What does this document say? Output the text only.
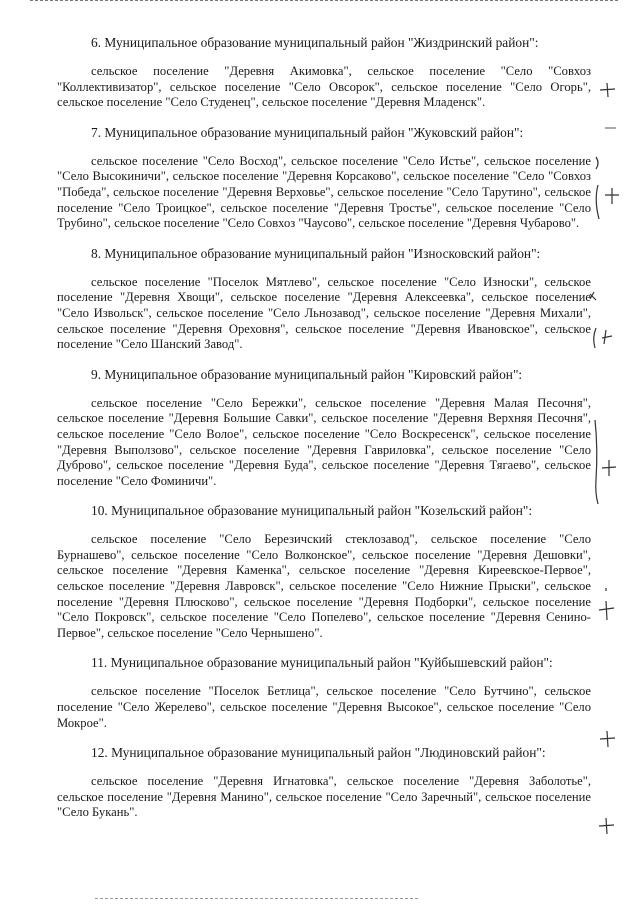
6. Муниципальное образование муниципальный район "Жиздринский район":
сельское поселение "Деревня Акимовка", сельское поселение "Село "Совхоз "Коллективизатор", сельское поселение "Село Овсорок", сельское поселение "Село Огорь", сельское поселение "Село Студенец", сельское поселение "Деревня Младенск".
7. Муниципальное образование муниципальный район "Жуковский район":
сельское поселение "Село Восход", сельское поселение "Село Истье", сельское поселение "Село Высокиничи", сельское поселение "Деревня Корсаково", сельское поселение "Село "Совхоз "Победа", сельское поселение "Деревня Верховье", сельское поселение "Село Тарутино", сельское поселение "Село Троицкое", сельское поселение "Деревня Тростье", сельское поселение "Село Трубино", сельское поселение "Село Совхоз "Чаусово", сельское поселение "Деревня Чубарово".
8. Муниципальное образование муниципальный район "Износковский район":
сельское поселение "Поселок Мятлево", сельское поселение "Село Износки", сельское поселение "Деревня Хвощи", сельское поселение "Деревня Алексеевка", сельское поселение "Село Извольск", сельское поселение "Село Льнозавод", сельское поселение "Деревня Михали", сельское поселение "Деревня Ореховня", сельское поселение "Деревня Ивановское", сельское поселение "Село Шанский Завод".
9. Муниципальное образование муниципальный район "Кировский район":
сельское поселение "Село Бережки", сельское поселение "Деревня Малая Песочня", сельское поселение "Деревня Большие Савки", сельское поселение "Деревня Верхняя Песочня", сельское поселение "Село Волое", сельское поселение "Село Воскресенск", сельское поселение "Деревня Выползово", сельское поселение "Деревня Гавриловка", сельское поселение "Село Дуброво", сельское поселение "Деревня Буда", сельское поселение "Деревня Тягаево", сельское поселение "Село Фоминичи".
10. Муниципальное образование муниципальный район "Козельский район":
сельское поселение "Село Березичский стеклозавод", сельское поселение "Село Бурнашево", сельское поселение "Село Волконское", сельское поселение "Деревня Дешовки", сельское поселение "Деревня Каменка", сельское поселение "Деревня Киреевское-Первое", сельское поселение "Деревня Лавровск", сельское поселение "Село Нижние Прыски", сельское поселение "Деревня Плюсково", сельское поселение "Деревня Подборки", сельское поселение "Село Покровск", сельское поселение "Село Попелево", сельское поселение "Деревня Сенино-Первое", сельское поселение "Село Чернышено".
11. Муниципальное образование муниципальный район "Куйбышевский район":
сельское поселение "Поселок Бетлица", сельское поселение "Село Бутчино", сельское поселение "Село Жерелево", сельское поселение "Деревня Высокое", сельское поселение "Село Мокрое".
12. Муниципальное образование муниципальный район "Людиновский район":
сельское поселение "Деревня Игнатовка", сельское поселение "Деревня Заболотье", сельское поселение "Деревня Манино", сельское поселение "Село Заречный", сельское поселение "Село Букань".
